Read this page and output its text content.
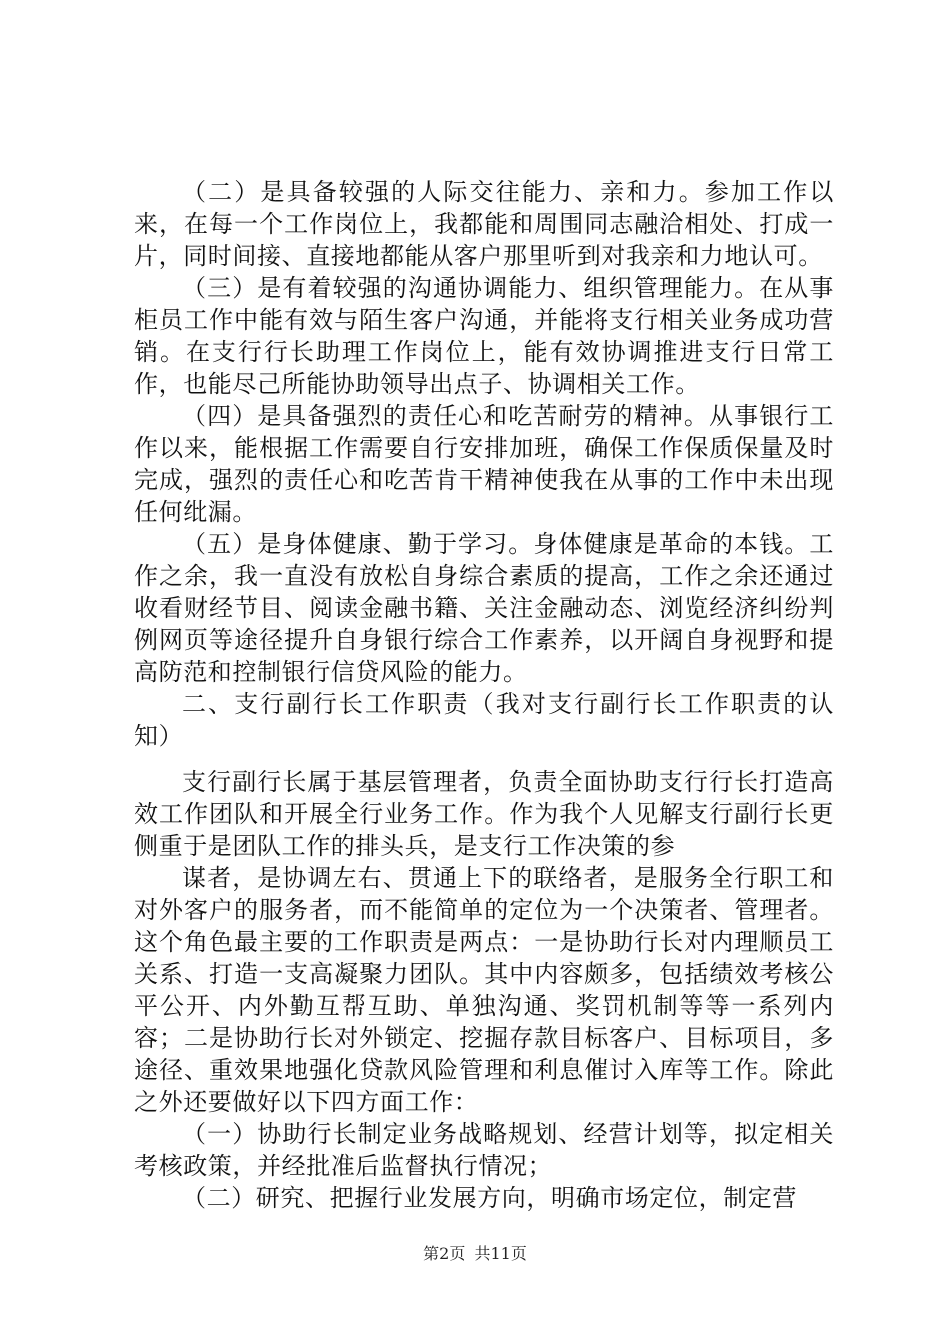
（二）是具备较强的人际交往能力、亲和力。参加工作以来，在每一个工作岗位上，我都能和周围同志融洽相处、打成一片，同时间接、直接地都能从客户那里听到对我亲和力地认可。

（三）是有着较强的沟通协调能力、组织管理能力。在从事柜员工作中能有效与陌生客户沟通，并能将支行相关业务成功营销。在支行行长助理工作岗位上，能有效协调推进支行日常工作，也能尽己所能协助领导出点子、协调相关工作。

（四）是具备强烈的责任心和吃苦耐劳的精神。从事银行工作以来，能根据工作需要自行安排加班，确保工作保质保量及时完成，强烈的责任心和吃苦肯干精神使我在从事的工作中未出现任何纰漏。

（五）是身体健康、勤于学习。身体健康是革命的本钱。工作之余，我一直没有放松自身综合素质的提高，工作之余还通过收看财经节目、阅读金融书籍、关注金融动态、浏览经济纠纷判例网页等途径提升自身银行综合工作素养，以开阔自身视野和提高防范和控制银行信贷风险的能力。

二、支行副行长工作职责（我对支行副行长工作职责的认知）

支行副行长属于基层管理者，负责全面协助支行行长打造高效工作团队和开展全行业务工作。作为我个人见解支行副行长更侧重于是团队工作的排头兵，是支行工作决策的参

谋者，是协调左右、贯通上下的联络者，是服务全行职工和对外客户的服务者，而不能简单的定位为一个决策者、管理者。这个角色最主要的工作职责是两点：一是协助行长对内理顺员工关系、打造一支高凝聚力团队。其中内容颇多，包括绩效考核公平公开、内外勤互帮互助、单独沟通、奖罚机制等等一系列内容；二是协助行长对外锁定、挖掘存款目标客户、目标项目，多途径、重效果地强化贷款风险管理和利息催讨入库等工作。除此之外还要做好以下四方面工作：

（一）协助行长制定业务战略规划、经营计划等，拟定相关考核政策，并经批准后监督执行情况；

（二）研究、把握行业发展方向，明确市场定位，制定营

第2页 共11页
